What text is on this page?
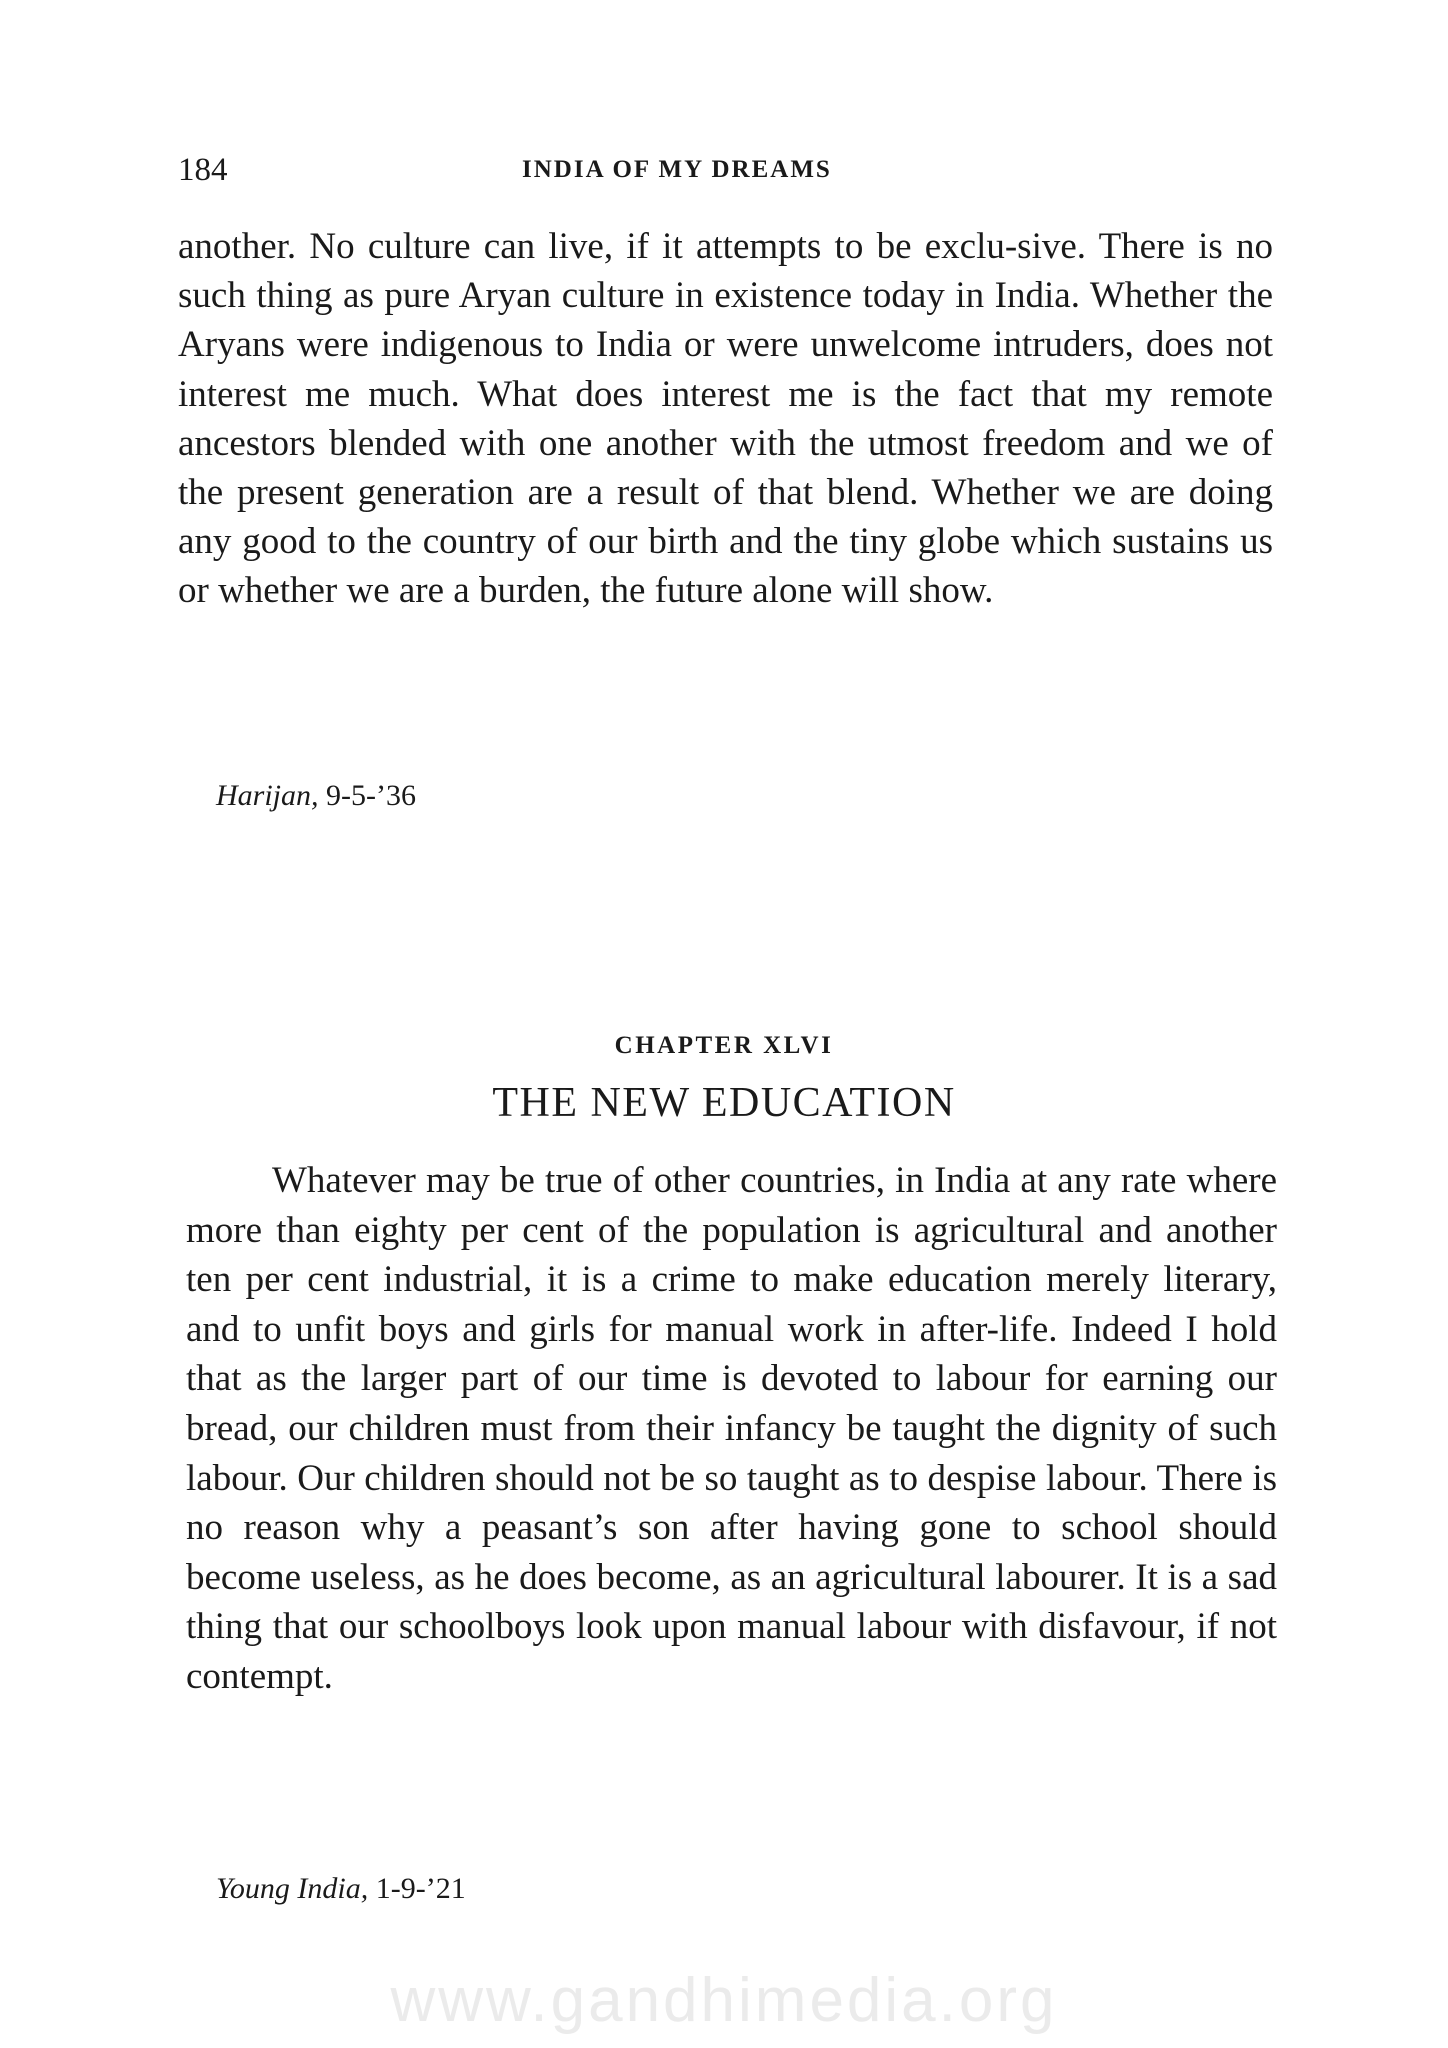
184	INDIA OF MY DREAMS

another. No culture can live, if it attempts to be exclu-sive. There is no such thing as pure Aryan culture in existence today in India. Whether the Aryans were indigenous to India or were unwelcome intruders, does not interest me much. What does interest me is the fact that my remote ancestors blended with one another with the utmost freedom and we of the present generation are a result of that blend. Whether we are doing any good to the country of our birth and the tiny globe which sustains us or whether we are a burden, the future alone will show.

Harijan, 9-5-’36
CHAPTER XLVI
THE NEW EDUCATION

Whatever may be true of other countries, in India at any rate where more than eighty per cent of the population is agricultural and another ten per cent industrial, it is a crime to make education merely literary, and to unfit boys and girls for manual work in after-life. Indeed I hold that as the larger part of our time is devoted to labour for earning our bread, our children must from their infancy be taught the dignity of such labour. Our children should not be so taught as to despise labour. There is no reason why a peasant’s son after having gone to school should become useless, as he does become, as an agricultural labourer. It is a sad thing that our schoolboys look upon manual labour with disfavour, if not contempt.

Young India, 1-9-’21
www.gandhimedia.org
